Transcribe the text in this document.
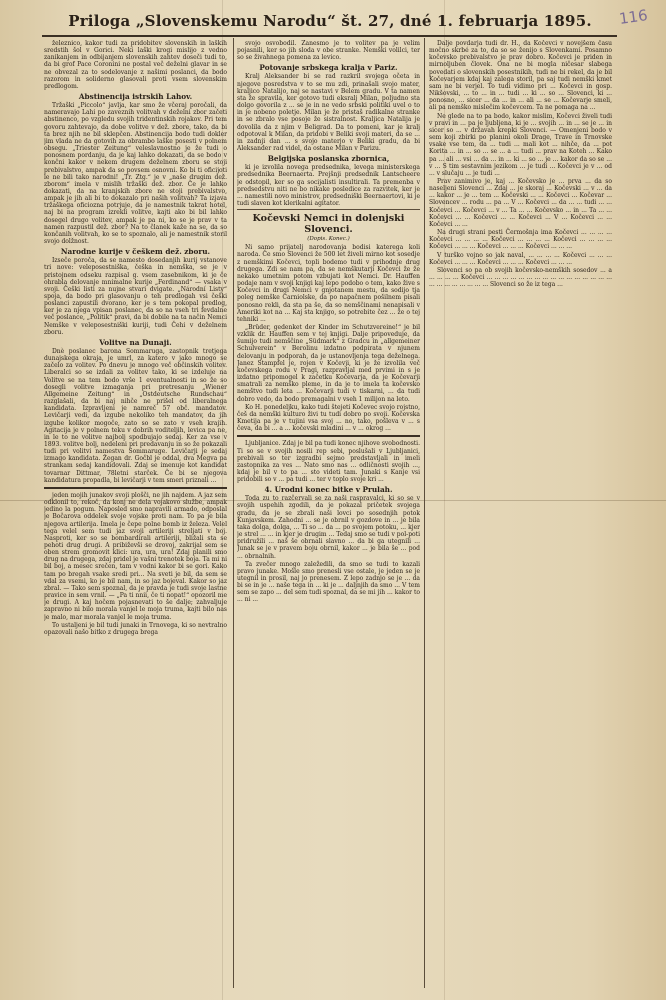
116
Priloga „Slovenskemu Narodu“ št. 27, dné 1. februarja 1895.

železnico, kakor tudi za pridobitev slovenskih in laških sredstih šol v Gorici. Neki laški krogi mislijo z vedno zanikanjem in odbijanjem slovenskih zahtev doseči tudi to, da bi grof Pace Coronini ne postal več deželni glavar in se ne obvezal za to sodelovanje z našimi poslanci, da bodo razorom in soliderno glasovali proti vsem slovenskim predlogom.

Abstinencija istrskih Lahov.

Tržaški „Piccolo“ javlja, kar smo že včeraj poročali, da nameravajo Lahi po zaveznih volitvah v deželni zbor začeti abstinenco, po vzgledu svojih tridentinskih rojakov. Pri tem govoru zahtevajo, da dobe volitve v dež. zbore, tako, da bi ta brez njih ne bil sklepčen. Abstinencija bodo tudi dokler jim vlada ne da gotovih za obrambo laške posesti v polnem obsegu. „Triester Zeitung“ veleslavnostno je že tudi o ponosnem pordanju, da je kaj lahko dokazati, da se bodo v končni kakor v nekem drugem deželnem zboru se stoji prebivalstvo, ampak da so povsem osnovni. Ko bi ti oficijoti le ne bili tako narodni! „Tr. Ztg.“ je v „naše drugim dež. zborom“ imela v mislih tržaški dež. zbor. Če je lahko dokazati, da na kranjskih zbore ne stoji prebivalstvo, ampak je jih ali bi to dokazalo pri naših volitvah? Ta izjava tržaškega oficiozna potrjuje, da je namestnik takrat hotel, naj bi na program izrekli volitve, kajti ako bi bil lahko dosegel drugo volitev, ampak je pa ni, ko se je prav v ta namen razpustil dež. zbor? Na to članek kaže na se, da so končanih volitvah, ko se to spoznalo, ali je namestnik storil svojo dolžnost.

Narodne kurije v češkem dež. zboru.

Izseče poroča, da se namesto dosedanjih kurij vstanove tri nove: veleposestniška, češka in nemška, se je v pristojnem odseku razpisal g. vsem zasebnikom, ki je če ohrabla delovanje mnimalne kurije „Ferdinand“ — vsaka v svoji. Češki listi za nujne stvari dvigate. „Národní Listy“ spoja, da bodo pri glasovanju o teh predlogah vsi češki poslanci zapustili dvorano, ker je s tem pokopal predlog, ker je za njega vpisan poslanec, da so na vseh tri fevdalne več poslance, „Politik“ pravi, da bi dobile na ta način Nemci Nemške v veleposestniški kuriji, tudi Čehi v deželnem zboru.

Volitve na Dunaji.

Dnè poslanec barona Sommaruga, zastopnik tretjega dunajskega okraja, je umrl, za katero v jako mnogo se začelo za volitev. Po dnevu je mnogo več občinskih volitev. Liberalci so se izdali za volitev tako, ki se izdeluje na Volitve se na tem bodo vrše 1 eventualnosti in so že so dosegli volitve izmaganja pri pretresanju „Wiener Allgemeine Zeitung“ in „Ostdeutsche Rundschau“ razglašali, da bi naj nihče ne prišel od liberalnega kandidata. Izpravljeni je namreč 57 obč. mandatov. Levičarji vedi, da izgube nekoliko teh mandatov, da jih izgube kolikor mogoče, zato so se zato v vseh krajih. Agitacija je v polnem teku v dobrih voditeljih, levica pa ne, in le to ne volitve najbolj spodbujajo sedaj. Ker za vse v 1893. volitve bolj, nedeleni pri predavanju in so že pokazali tudi pri volitvi namestva Sommaruge. Levičarji je sedaj izmago kandidata. Žegan dr. Gočbl je oddal, dva Megva pa strankam sedaj kandidovali. Zdaj se imenuje kot kandidat tovarnar Dittmar, 78letni starček. Če bi se njegova kandidatura propadla, bi levičarji v tem smeri priznali ...

jeden mojih junakov svoji plošči, ne jih najdem. A jaz sem odklonil to, rekoč, da konj ne dela vojakovo službe, ampak jedino la pogum. Naposled smo napravili armado, odposlal je Bočarova oddelek svoje vojske proti nam. To pa je bila njegova artilerija. Imela je čepe polne bomb iz železa. Velel tega velel sem tudi jaz svoji artileriji streljati v boj. Nasproti, ker so se bombardirali artileriji, bližali sta se pehoti drug drugi. A pribiževši se drovoj, zakrijal sem se oben strem gromovit klici: ura, ura, ura! Zdaj planili smo drug na drugega, zdaj pridel je vašni trenotek boja. Ta mi ni bil boj, a mesec srečen, tam v vodni kakor bi se gori. Kako tam po bregah vsake sredi pri... Na sveti je bil, da sem se vdal za vsemi, ko je bil nam, in so jaz bojeval. Kakor so jaz zbral. — Tako sem spoznal, da je pravda je tudi svoje lastne pravice in sem vrnil. — „Pa ti nnii, če ti nopat!“ opozoril me je drugi. A kaj hočem pojasnevati to še dalje; zahvaljuje zapravno ni bilo morala vanjel le moja truma, kajti bilo nas je malo, mar morala vanjel le moja truma.

To ustaljeni je bil tudi junaki in Trnovega, ki so nevtralno opazovali našo bitko z drugega brega

svojo osvobodil. Zanesmo je to volitev pa je velim pojasnili, ker so jih sloda v obe stranke. Nemški volilci, ter so se živahnega pomena za levico.

Potovanje srbskega kralja v Pariz.

Kralj Aleksander bi se rad razkril svojega očeta in njegove posredstva v to se mu zdi, prinašali svojo mater, kraljico Natalijo, naj se nastavi v Belem gradu. V ta namen sta že spravila, ker gotovo tudi eksralj Milan, poljudno sta dolgo govorila z ... se je in ne vedo srbski politiki uvel o to in je nobeno poletje. Milan je že pristaš radikalne stranke in se zbralo vse posoje že sistralnost. Kraljica Natalija je dovolila da z njim v Beligrad. Da to pomeni, kar je kralj odpotoval k Milan, da pridobi v Beliki svoji materi, da se ... in zadnji dan ... s svojo materjo v Beliki gradu, da bi Aleksander rad videl, da ostane Milan v Parizu.

Belgijska poslanska zbornica,

ki je izvolila novega predsednika, levega ministerskega predsednika Beernaerta. Prejšnji predsednik Lantscheere je odstopil, ker so ga socijalisti insultirali. Ta premenba v predsedstvu niti ne bo nikake posledice za razvitek, ker je ... namestili novo ministrov, predsedniški Beernaertovi, ki je tudi slaven kot klerikalni agitator.

Kočevski Nemci in dolenjski Slovenci.
(Dopis. Konec.)

Ni samo prijatelj narodovanja bodisi katerega koli naroda. Če smo Slovenci že 500 let živeli mirno kot sosedje z nemškimi Kočevci, topli bodemo tudi v prihodnje drug drugega. Zdi se nam pa, da se nemškutarji Kočevci že že nekako umetnim potom vzbujati kot Nemci. Dr. Hauffen podaje nam v svoji knjigi kaj lepo podobo o tem, kako žive s Kočevci in drugi Nemci v gnjotanem mestu, da sodijo tja poleg nemške Carniolske, da po napačnem pošilnem pisali ponosno rekli, da sta pa še, da so nemščinami nenapisali v Ameriki kot na ... Kaj sta knjigo, so potrebite čez ... že o tej tehniki ...

„Brüder, gedenket der Kinder im Schutzvereine!“ je bil vzklik dr. Hauffen sem v tej knjigi. Dalje pripoveduje, da šumijo tudi nemščine „Südmark“ z Gradcu in „allgemeiner Schulverein“ v Berolinu izdatno podpirata v njunem delovanju in podporah, da je ustanovljenja tega deželnega. Janez Stampfel je, rojen v Kočevji, ki je že izvolila več kočevskega rodu v Pragi, razpravljal med prvimi in s je izdatno pripomogel k začetku Kočevarja, da je Kočevarji smatrali za nemško pleme, in da je to imela ta kočevsko nemštvo tudi leta ... Kočevarji tudi v tiskarni, ... da tudi dobro vedo, da bodo premagalni v vseh 1 milijon na leto.

Ko H. ponedeljku, kako tudi štejeti Kočevec svojo rojstno, češ da nemški kulturo živi tu tudi dobro po svoji. Kočevska Kmetija pa je v tujini vsa svoj ... no, tako, pošleva v ... s čeva, da bi ... a ... kočevski mladini ... v ... okrog ...

Ljubljanice. Zdaj je bil pa tudi konec njihove svobodnosti. Ti so se v svojih nosili rep sebi, poslušali v Ljubljanici, prebivali so ter izgradbi sejmo predstavljali in imeli zastopnika za ves ... Nato smo nas ... odličnosti svojih ..., kdaj je bil v to pa ... sto videti tam. Junaki s Kanje vsi pridobili so v ... pa tudi ... ter v toplo svoje kri ...

4. Urodni konec bitke v Prulah.

Toda zu to razčervali se za naši raspravalci, ki so se v svojih uspehih zgodili, da je pokazal pričetek svojega gradu, da je se zbrali naši lovci po sosednjih potok Kunjavskem. Zahodni ... se je obrnil v gozdove in ... je bila taka dolga, dolga, ... Ti so ... da ... po svojem potoku, ... kjer je strel ... ... in kjer je drugim ... Tedaj smo se tudi v pol-poti pridružili ... naš še obrnali slavno ... da bi ga utegnili ... Junak se je v pravem boju obrnil, kakor ... je bila še ... pod ... obrnalnih.

Ta zvečer mnogo zaležedili, da smo se tudi to kazali pravo junake. Mošle smo prenesli vse ostale, je jeden se je utegnil in prosil, naj jo prenesem. Z lepo zadnjo se je ... da bi se in je ... naše tega in ... ki je ... daljnjih da smo ... V tem sem se zapo ... del sem tudi spoznal, da se mi jih ... kakor to ... ni ...

Dalje povdarja tudi dr. H., da Kočevci v novejšem času močno skrbé za to, da so se ženijo s Slovenkami. Posamno kočevsko prebivalstvo je prav dobro. Kočevci je priden in mirnoljuben človek. Ona ne bi mogla ničesar slabega povedati o slovenskih posestnikih, tudi ne bi rekel, da je bil Kočevarjem kdaj kaj zalega storil, pa saj tudi nemški kmet sam ne bi verjel. To tudi vidimo pri ... Kočevci in gosp. Nikšovski, ... to ... in ... tudi ... ki ... so ... Slovenci, ki ... ponosno, ... sicer ... da ... in ... ali ... se ... Kočevarje smeli, ali pa nemško mislečim kočevcem. Ta ne pomaga na ...

Ne glede na to pa bodo, kakor mislim, Kočevci živeli tudi v pravi in ... pa je ljubljena, ki je ... svojih ... in ... se je ... in sicer so ... v državah krepki Slovenci. — Omenjeni bodo v sem koji zbirki po planini okoli Drage, Trave in Trnovske vsake vse tem, da ... tudi ... mali kot ... nihče, da ... pot Korita ... in ... so ... se ... a ... tudi ... prav na Koteh ... Kako pa ... ali ... vsi ... da ... in ... ki ... so ... je ... kakor da so se ... v ... S tim sestavnim jezikom ... je tudi ... Kočevci je v ... od ... v slučaju ... je tudi ...

Prav zanimivo je, kaj ... Kočevsko je ... prva ... da so naseljeni Slovenci ... Zdaj ... je skoraj ... Kočevski ... v ... da ... kakor ... je ... tem ... Kočevski ... ... Kočevci ... Kočevar ... Slovencev ... rodu ... pa ... V ... Kočevci ... da ... ... tudi ... ... Kočevci ... Kočevci ... v ... Ta ... ... Kočevsko ... in ... Ta ... ... Kočevci ... ... Kočevci ... ... Kočevci ... V ... Kočevci ... ... Kočevci ... ...

Na drugi strani pesti Čermošnja ima Kočevci ... ... ... ... Kočevci ... ... ... ... Kočevci ... ... ... ... Kočevci ... ... ... ... Kočevci ... ... ... Kočevci ... ... ... Kočevci ... ... ...

V turško vojno so jak naval, ... ... ... ... Kočevci ... ... ... Kočevci ... ... ... Kočevci ... ... ... Kočevci ... ... ...

Slovenci so pa ob svojih kočevsko-nemških sosedov ... a ... ... ... ... Kočevci ... ... ... ... ... ... ... ... ... ... ... ... ... ... ... ... ... ... ... ... ... ... ... ... Slovenci so že iz tega ...
